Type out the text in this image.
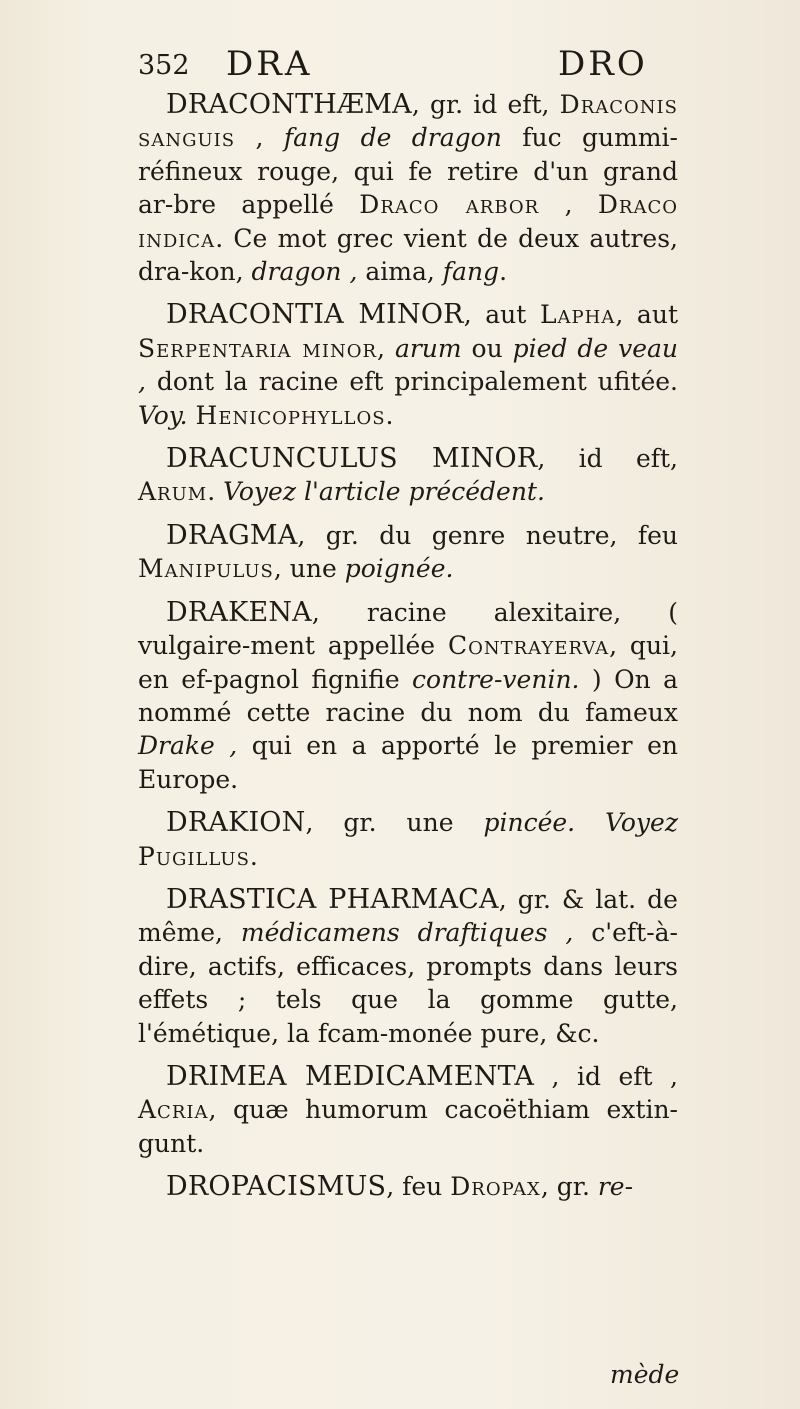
352 DRA	DRO

DRACONTHÆMA, gr. id eft, Draconis sanguis , fang de dragon fuc gummi-réfineux rouge, qui fe retire d'un grand ar-bre appellé Draco arbor , Draco indica. Ce mot grec vient de deux autres, dra-kon, dragon , aima, fang.

DRACONTIA MINOR, aut Lapha, aut Serpentaria minor, arum ou pied de veau , dont la racine eft principalement ufitée. Voy. Henicophyllos.

DRACUNCULUS MINOR, id eft, Arum. Voyez l'article précédent.

DRAGMA, gr. du genre neutre, feu Manipulus, une poignée.

DRAKENA, racine alexitaire, ( vulgaire-ment appellée Contrayerva, qui, en ef-pagnol fignifie contre-venin. ) On a nommé cette racine du nom du fameux Drake , qui en a apporté le premier en Europe.

DRAKION, gr. une pincée. Voyez Pugillus.

DRASTICA PHARMACA, gr. & lat. de même, médicamens draftiques , c'eft-à-dire, actifs, efficaces, prompts dans leurs effets ; tels que la gomme gutte, l'émétique, la fcam-monée pure, &c.

DRIMEA MEDICAMENTA , id eft , Acria, quæ humorum cacoëthiam extin-gunt.

DROPACISMUS, feu Dropax, gr. re-

mède
